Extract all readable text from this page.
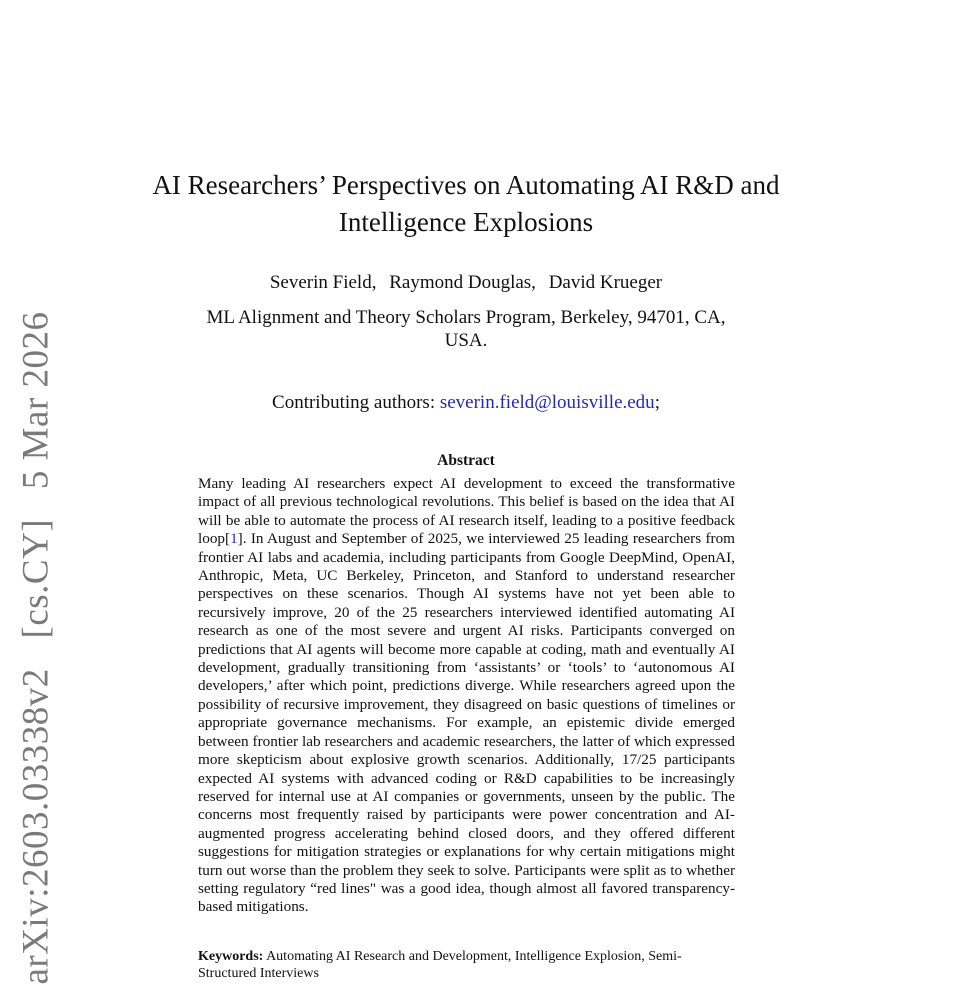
arXiv:2603.03338v2 [cs.CY] 5 Mar 2026
AI Researchers’ Perspectives on Automating AI R&D and Intelligence Explosions
Severin Field, Raymond Douglas, David Krueger
ML Alignment and Theory Scholars Program, Berkeley, 94701, CA, USA.
Contributing authors: severin.field@louisville.edu;
Abstract
Many leading AI researchers expect AI development to exceed the transformative impact of all previous technological revolutions. This belief is based on the idea that AI will be able to automate the process of AI research itself, leading to a positive feedback loop[1]. In August and September of 2025, we interviewed 25 leading researchers from frontier AI labs and academia, including participants from Google DeepMind, OpenAI, Anthropic, Meta, UC Berkeley, Princeton, and Stanford to understand researcher perspectives on these scenarios. Though AI systems have not yet been able to recursively improve, 20 of the 25 researchers interviewed identified automating AI research as one of the most severe and urgent AI risks. Participants converged on predictions that AI agents will become more capable at coding, math and eventually AI development, gradually transitioning from ‘assistants’ or ‘tools’ to ‘autonomous AI developers,’ after which point, predictions diverge. While researchers agreed upon the possibility of recursive improvement, they disagreed on basic questions of timelines or appropriate governance mechanisms. For example, an epistemic divide emerged between frontier lab researchers and academic researchers, the latter of which expressed more skepticism about explosive growth scenarios. Additionally, 17/25 participants expected AI systems with advanced coding or R&D capabilities to be increasingly reserved for internal use at AI companies or governments, unseen by the public. The concerns most frequently raised by participants were power concentration and AI-augmented progress accelerating behind closed doors, and they offered different suggestions for mitigation strategies or explanations for why certain mitigations might turn out worse than the problem they seek to solve. Participants were split as to whether setting regulatory “red lines" was a good idea, though almost all favored transparency-based mitigations.
Keywords: Automating AI Research and Development, Intelligence Explosion, Semi-Structured Interviews
